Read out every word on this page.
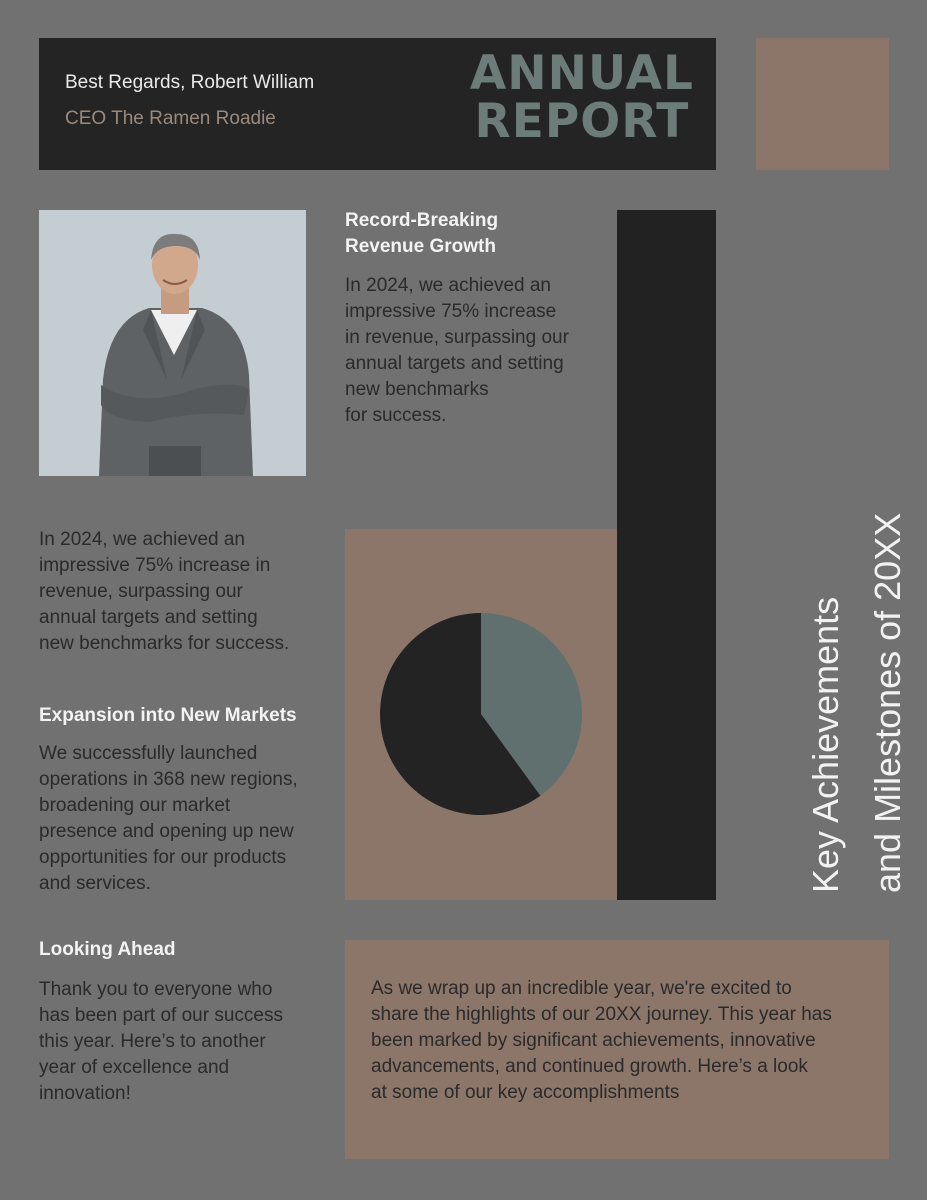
Best Regards, Robert William
CEO The Ramen Roadie
ANNUAL
REPORT
Record-Breaking
Revenue Growth
In 2024, we achieved an
impressive 75% increase
in revenue, surpassing our
annual targets and setting
new benchmarks
for success.
In 2024, we achieved an
impressive 75% increase in
revenue, surpassing our
annual targets and setting
new benchmarks for success.
Expansion into New Markets
We successfully launched
operations in 368 new regions,
broadening our market
presence and opening up new
opportunities for our products
and services.	Key Achievements and Milestones of 20XX
Looking Ahead
Thank you to everyone who
has been part of our success
this year. Here’s to another
year of excellence and
innovation!
As we wrap up an incredible year, we're excited to
share the highlights of our 20XX journey. This year has
been marked by significant achievements, innovative
advancements, and continued growth. Here’s a look
at some of our key accomplishments
